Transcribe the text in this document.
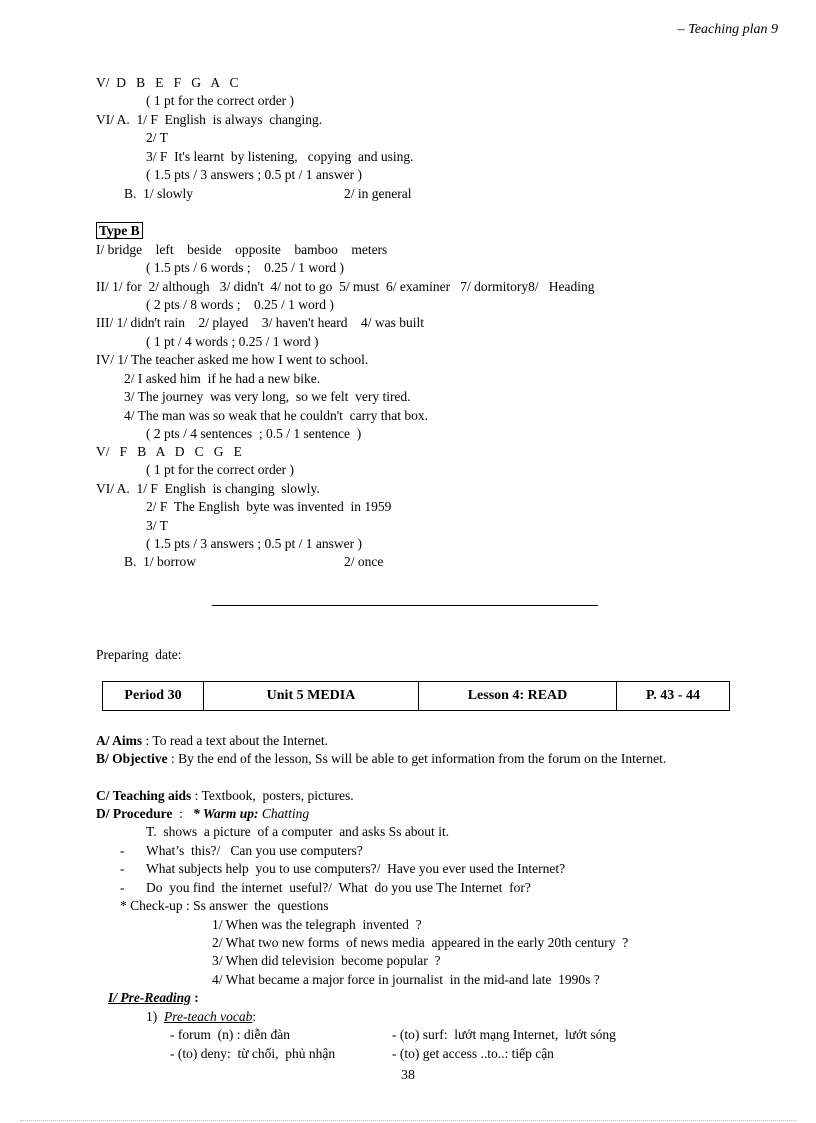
– Teaching plan 9
V/  D   B   E   F   G   A   C
( 1 pt for the correct order )
VI/ A.  1/ F  English  is always  changing.
2/ T
3/ F  It's learnt  by listening,   copying  and using.
( 1.5 pts / 3 answers ; 0.5 pt / 1 answer )
B.  1/ slowly	2/ in general
Type B
I/ bridge    left    beside    opposite    bamboo    meters
( 1.5 pts / 6 words ;    0.25 / 1 word )
II/ 1/ for  2/ although   3/ didn't  4/ not to go  5/ must  6/ examiner   7/ dormitory8/   Heading
( 2 pts / 8 words ;    0.25 / 1 word )
III/ 1/ didn't rain    2/ played    3/ haven't heard    4/ was built
( 1 pt / 4 words ; 0.25 / 1 word )
IV/ 1/ The teacher asked me how I went to school.
2/ I asked him  if he had a new bike.
3/ The journey  was very long,  so we felt  very tired.
4/ The man was so weak that he couldn't  carry that box.
( 2 pts / 4 sentences  ; 0.5 / 1 sentence  )
V/   F   B   A   D   C   G   E
( 1 pt for the correct order )
VI/ A.  1/ F  English  is changing  slowly.
2/ F  The English  byte was invented  in 1959
3/ T
( 1.5 pts / 3 answers ; 0.5 pt / 1 answer )
B.  1/ borrow	2/ once
Preparing  date:
Period 30	Unit 5 MEDIA	Lesson 4: READ	P. 43 - 44
A/ Aims : To read a text about the Internet.
B/ Objective : By the end of the lesson, Ss will be able to get information from the forum on the Internet.
C/ Teaching aids : Textbook,  posters, pictures.
D/ Procedure  :   * Warm up: Chatting
T.  shows  a picture  of a computer  and asks Ss about it.
- What’s  this?/   Can you use computers?
- What subjects help  you to use computers?/  Have you ever used the Internet?
- Do  you find  the internet  useful?/  What  do you use The Internet  for?
* Check-up : Ss answer  the  questions
1/ When was the telegraph  invented  ?
2/ What two new forms  of news media  appeared in the early 20th century  ?
3/ When did television  become popular  ?
4/ What became a major force in journalist  in the mid-and late  1990s ?
I/ Pre-Reading :
1)  Pre-teach vocab:
- forum  (n) : diễn đàn	- (to) surf:  lướt mạng Internet,  lướt sóng
- (to) deny:  từ chối,  phủ nhận	- (to) get access ..to..: tiếp cận
38
